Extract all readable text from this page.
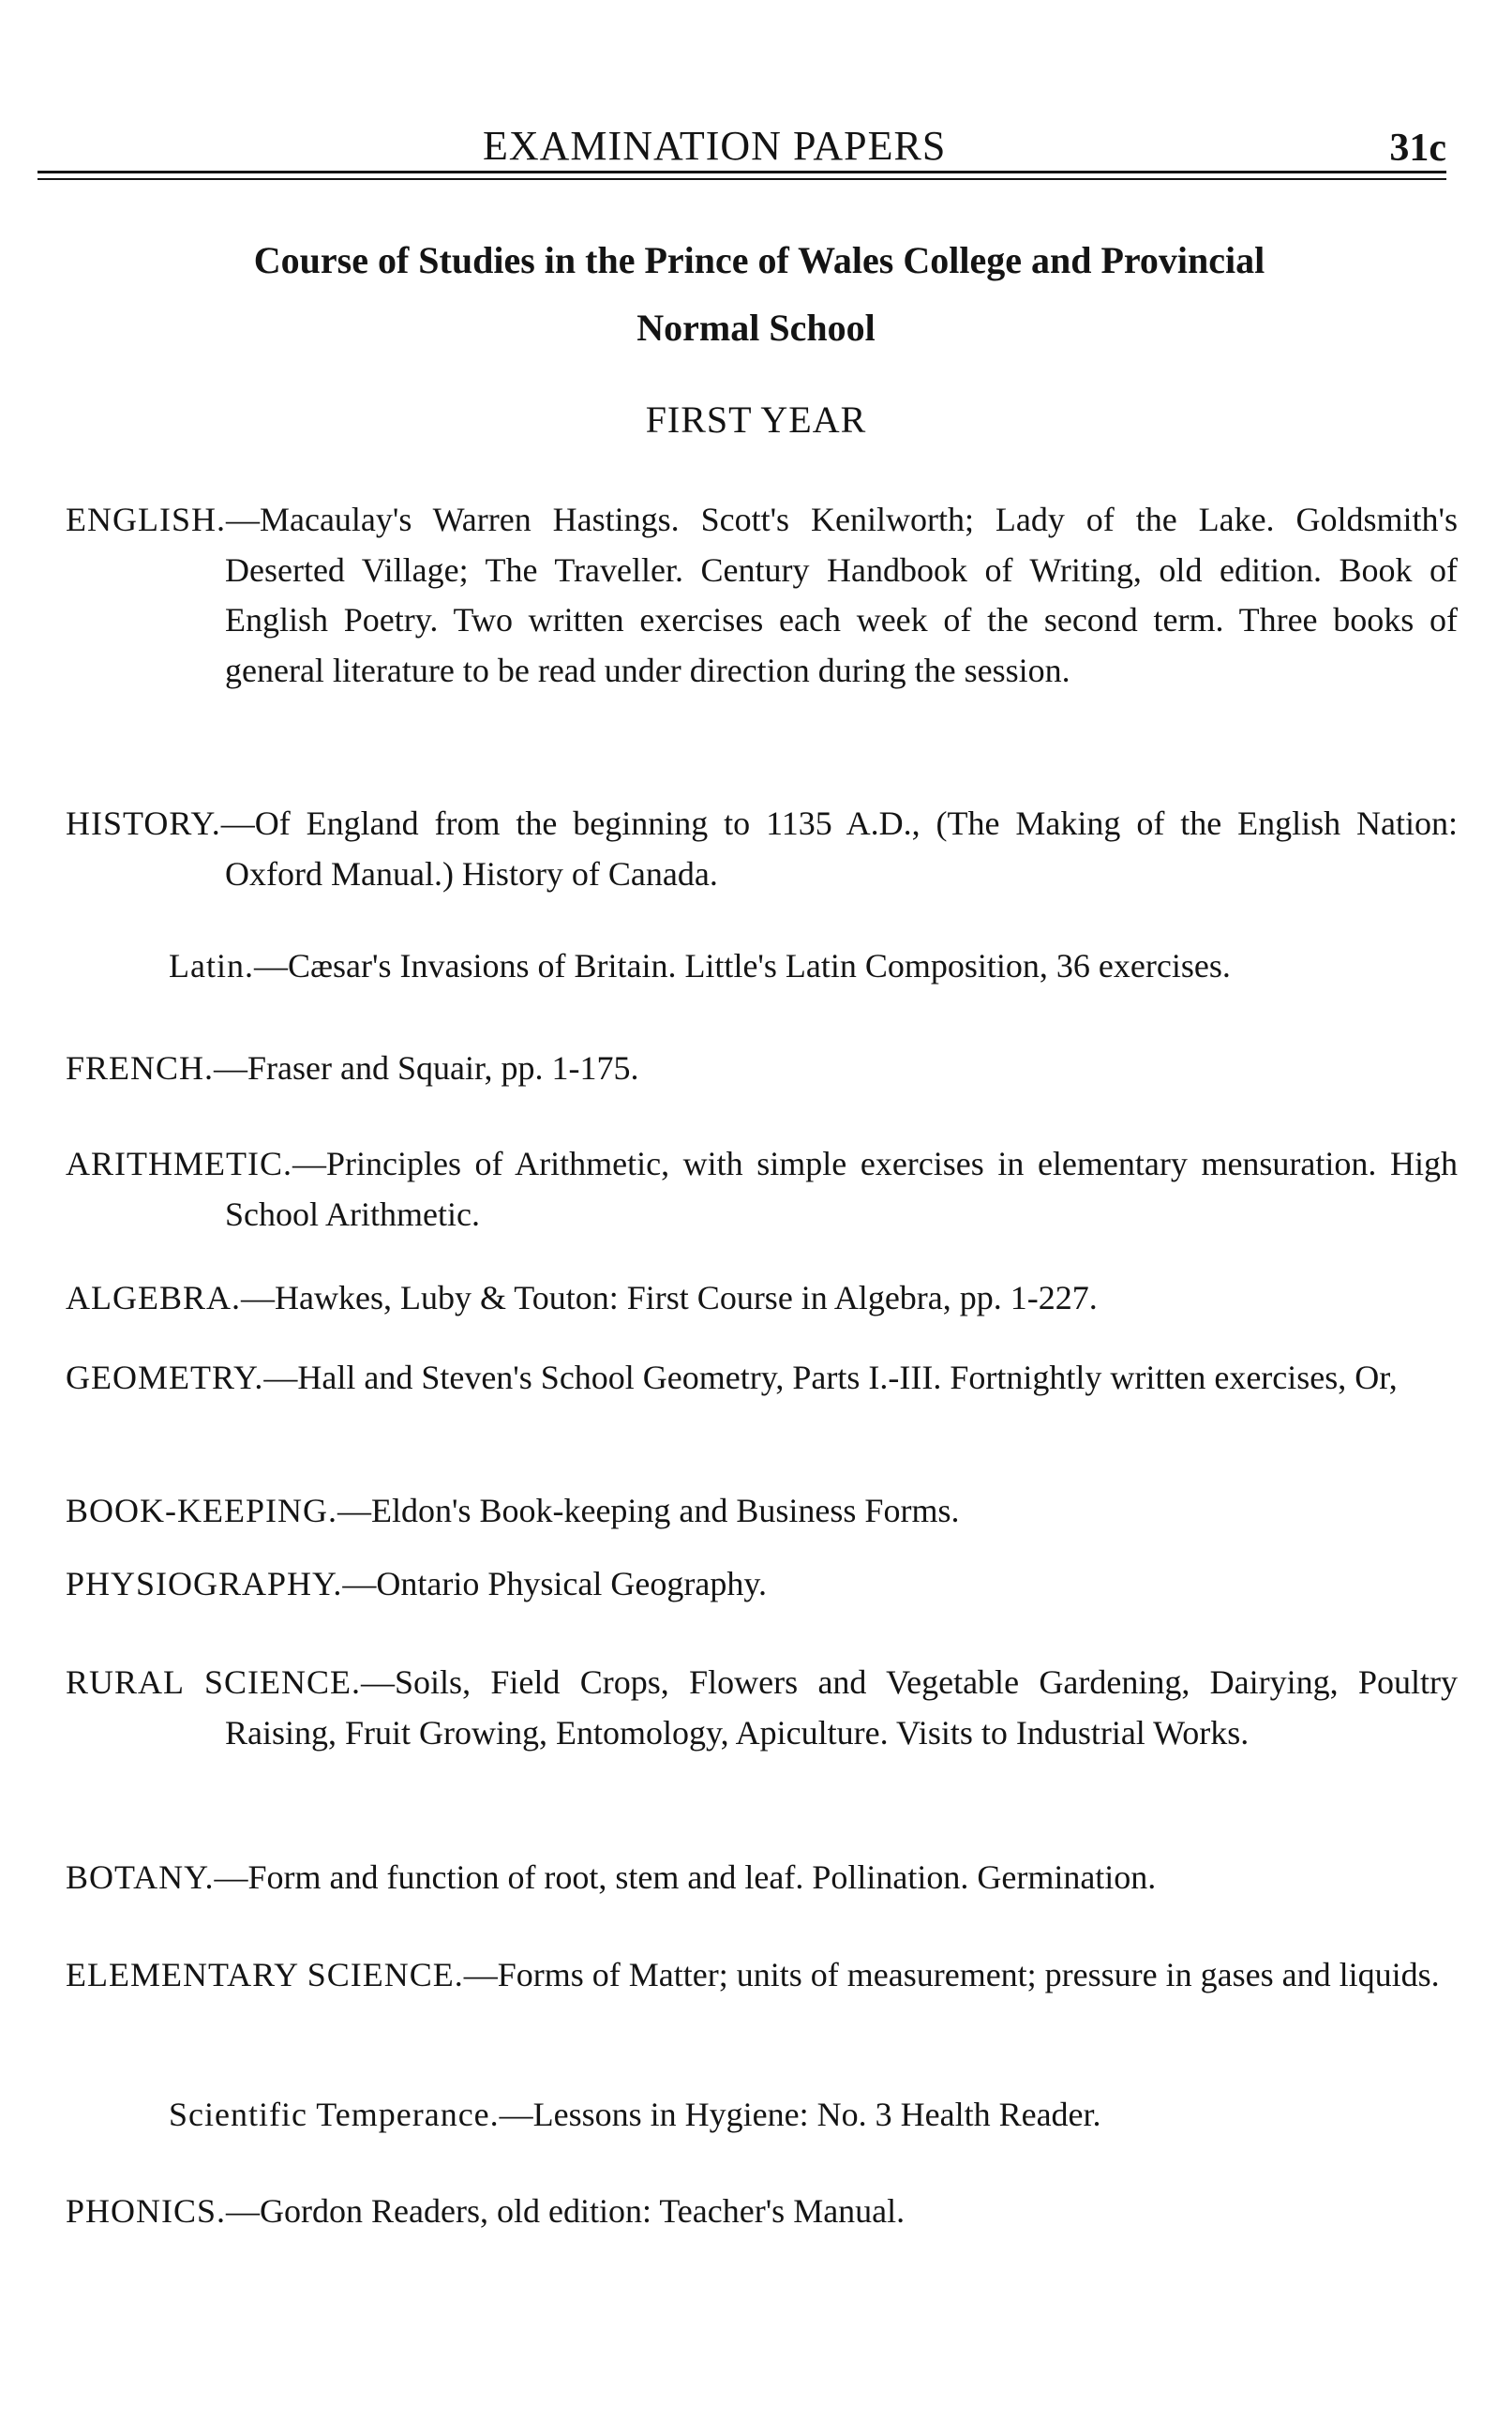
EXAMINATION PAPERS	31c
Course of Studies in the Prince of Wales College and Provincial
Normal School
FIRST YEAR
ENGLISH.—Macaulay's Warren Hastings. Scott's Kenilworth; Lady of the Lake. Goldsmith's Deserted Village; The Traveller. Century Handbook of Writing, old edition. Book of English Poetry. Two written exercises each week of the second term. Three books of general literature to be read under direction during the session.
HISTORY.—Of England from the beginning to 1135 A.D., (The Making of the English Nation: Oxford Manual.) History of Canada.
Latin.—Cæsar's Invasions of Britain. Little's Latin Composition, 36 exercises.
FRENCH.—Fraser and Squair, pp. 1-175.
ARITHMETIC.—Principles of Arithmetic, with simple exercises in elementary mensuration. High School Arithmetic.
ALGEBRA.—Hawkes, Luby & Touton: First Course in Algebra, pp. 1-227.
GEOMETRY.—Hall and Steven's School Geometry, Parts I.-III. Fortnightly written exercises, Or,
BOOK-KEEPING.—Eldon's Book-keeping and Business Forms.
PHYSIOGRAPHY.—Ontario Physical Geography.
RURAL SCIENCE.—Soils, Field Crops, Flowers and Vegetable Gardening, Dairying, Poultry Raising, Fruit Growing, Entomology, Apiculture. Visits to Industrial Works.
BOTANY.—Form and function of root, stem and leaf. Pollination. Germination.
ELEMENTARY SCIENCE.—Forms of Matter; units of measurement; pressure in gases and liquids.
Scientific Temperance.—Lessons in Hygiene: No. 3 Health Reader.
PHONICS.—Gordon Readers, old edition: Teacher's Manual.
